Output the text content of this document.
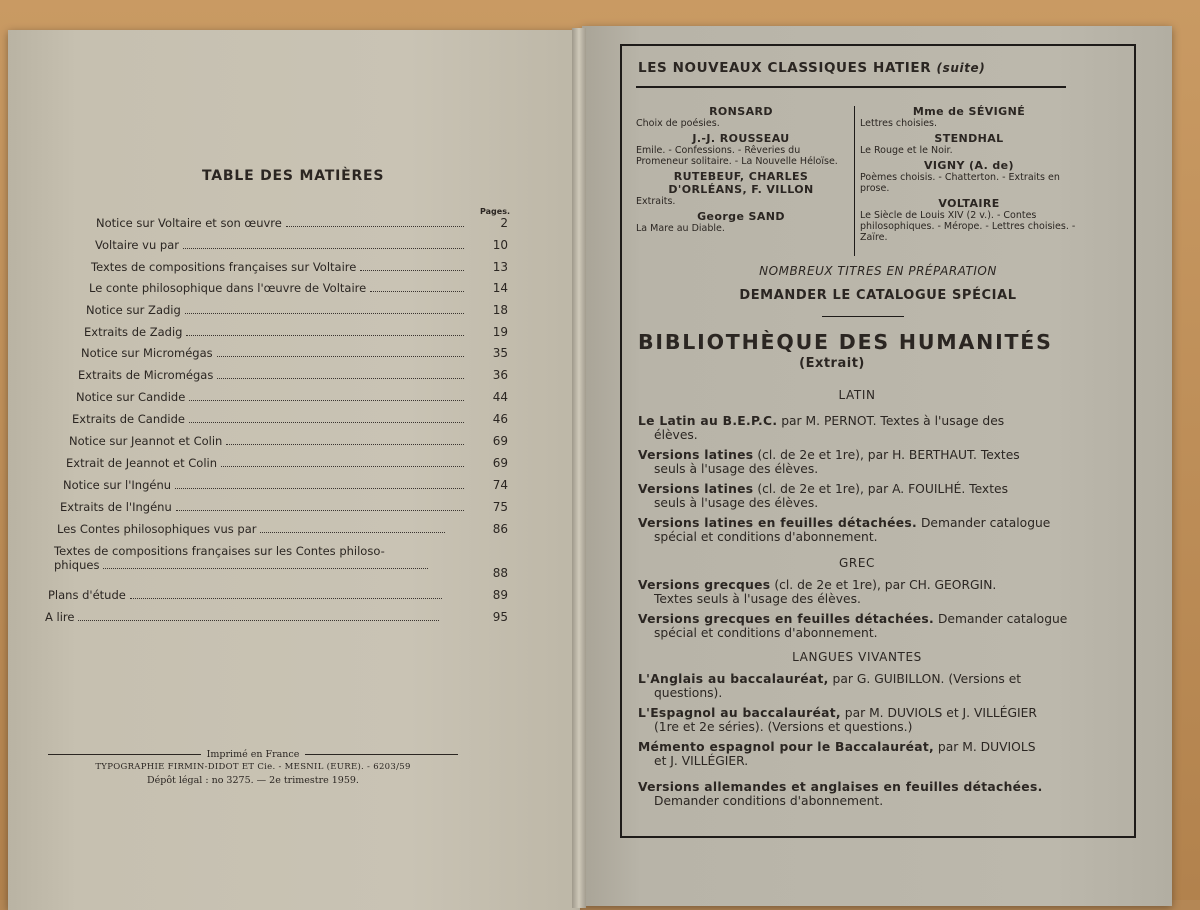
TABLE DES MATIÈRES
Pages.
Notice sur Voltaire et son œuvre	2
Voltaire vu par	10
Textes de compositions françaises sur Voltaire	13
Le conte philosophique dans l'œuvre de Voltaire	14
Notice sur Zadig	18
Extraits de Zadig	19
Notice sur Micromégas	35
Extraits de Micromégas	36
Notice sur Candide	44
Extraits de Candide	46
Notice sur Jeannot et Colin	69
Extrait de Jeannot et Colin	69
Notice sur l'Ingénu	74
Extraits de l'Ingénu	75
Les Contes philosophiques vus par	86
Textes de compositions françaises sur les Contes philoso-
phiques
88
Plans d'étude	89
A lire	95
Imprimé en France
TYPOGRAPHIE FIRMIN-DIDOT ET Cie. - MESNIL (EURE). - 6203/59
Dépôt légal : no 3275. — 2e trimestre 1959.
LES NOUVEAUX CLASSIQUES HATIER (suite)
RONSARD
Choix de poésies.
J.-J. ROUSSEAU
Emile. - Confessions. - Rêveries du Promeneur solitaire. - La Nouvelle Héloïse.
RUTEBEUF, CHARLES D'ORLÉANS, F. VILLON
Extraits.
George SAND
La Mare au Diable.
Mme de SÉVIGNÉ
Lettres choisies.
STENDHAL
Le Rouge et le Noir.
VIGNY (A. de)
Poèmes choisis. - Chatterton. - Extraits en prose.
VOLTAIRE
Le Siècle de Louis XIV (2 v.). - Contes philosophiques. - Mérope. - Lettres choisies. - Zaïre.
NOMBREUX TITRES EN PRÉPARATION
DEMANDER LE CATALOGUE SPÉCIAL
BIBLIOTHÈQUE DES HUMANITÉS
(Extrait)
LATIN
Le Latin au B.E.P.C. par M. PERNOT. Textes à l'usage des
élèves.
Versions latines (cl. de 2e et 1re), par H. BERTHAUT. Textes
seuls à l'usage des élèves.
Versions latines (cl. de 2e et 1re), par A. FOUILHÉ. Textes
seuls à l'usage des élèves.
Versions latines en feuilles détachées. Demander catalogue
spécial et conditions d'abonnement.
GREC
Versions grecques (cl. de 2e et 1re), par CH. GEORGIN.
Textes seuls à l'usage des élèves.
Versions grecques en feuilles détachées. Demander catalogue
spécial et conditions d'abonnement.
LANGUES VIVANTES
L'Anglais au baccalauréat, par G. GUIBILLON. (Versions et
questions).
L'Espagnol au baccalauréat, par M. DUVIOLS et J. VILLÉGIER
(1re et 2e séries). (Versions et questions.)
Mémento espagnol pour le Baccalauréat, par M. DUVIOLS
et J. VILLÉGIER.
Versions allemandes et anglaises en feuilles détachées.
Demander conditions d'abonnement.
